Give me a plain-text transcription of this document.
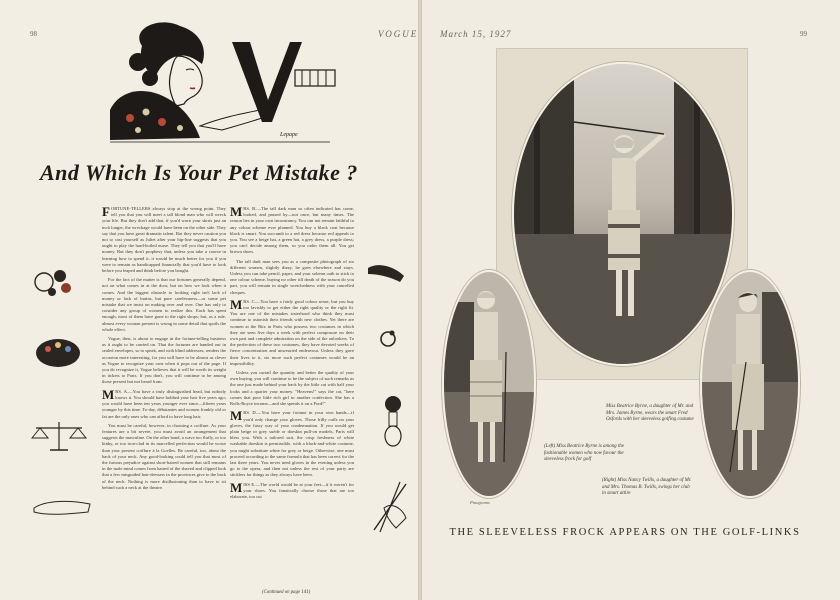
98
Lepape
And Which Is Your Pet Mistake ?

FORTUNE-TELLERS always stop at the wrong point. They tell you that you will meet a tall blond man who will wreck your life. But they don't add that, if you'd worn your skirts just an inch longer, the wreckage would have been on the other side. They say that you have great dramatic talent. But they never caution you not to cast yourself as Juliet after your hip-line suggests that you ought to play the hard-boiled nurse. They tell you that you'll have money. But they don't prophesy that, unless you take a course in learning how to spend it, it would be much better for you if you were to remain as handicapped financially that you'd have to look before you leaped and think before you bought.

For the fact of the matter is that our fortunes generally depend, not on what comes in at the door, but on how we look when it comes. And the biggest obstacle to looking right isn't lack of money or lack of brains, but pure carelessness—or some pet mistake that we insist on making over and over. One has only to consider any group of women to realize this. Each has spent enough; most of them have gone to the right shops; but, as a rule, almost every woman present is wrong in some detail that spoils the whole effect.

Vogue, then, is about to engage in the fortune-telling business as it ought to be carried on. That the fortunes are handed out in sealed envelopes, so to speak, and with blind addresses, renders the occasion more interesting, for you will have to be almost as clever as Vogue to recognize your own when it pops out of the page. If you do recognize it, Vogue believes that it will be worth its weight in tickets to Paris. If you don't, you will continue to be among those present but not heard from.

MRS. A.—You have a truly distinguished head, but nobody knows it. You should have bobbed your hair five years ago; you would have been ten years younger ever since—fifteen years younger by this time. To-day, débutantes and women frankly old or fat are the only ones who can afford to have long hair.

You must be careful, however, in choosing a coiffure. As your features are a bit severe, you must avoid an arrangement that suggests the masculine. On the other hand, a wave too fluffy, or too kinky, or too iron-clad in its marcelled perfection would be worse than your present coiffure à la Goelles. Be careful, too, about the back of your neck. Any good-looking could tell you that most of the furious prejudice against short-haired women that still remains in the male mind comes from hatred of the shaved and clipped look that a few misguided hair-dressers in the provinces give to the back of the neck. Nothing is more disillusioning than to have to sit behind such a neck at the theatre.

MRS. B.—The tall dark man so often indicated has come, looked, and passed by—not once, but many times. The reason lies in your own inconstancy. You can not remain faithful to any colour scheme ever planned. You buy a black coat because black is smart. You succumb to a red dress because red appeals to you. You see a beige hat, a green hat, a grey dress, a purple dress; you can't decide among them, so you order them all. You get brown shoes.

The tall dark man sees you as a composite photograph of six different women, slightly dizzy, he goes elsewhere and stays. Unless you can take pencil, paper, and your solemn oath to stick to one colour scheme, buying no other till death of the season do you part, you will remain in single wretchedness with your cancelled cheques.

MRS. C.—You have a fairly good colour sense, but you buy too lavishly to get either the right quality or the right fit. You are one of the mistakes sisterhood who think they must continue to astonish their friends with new clothes. Yet there are women at the Ritz in Paris who possess two costumes in which they are seen five days a week with perfect composure on their own part and complete admiration on the side of the onlookers. To the perfection of these two costumes, they have devoted weeks of fierce concentration and unwearied endeavour. Unless they gave their lives to it, six more such perfect costumes would be an impossibility.

Unless you curtail the quantity and better the quality of your own buying, you will continue to be the subject of such remarks as the one just made behind your back by the little cat with half your looks and a quarter your money. "Heavens!" says the cat, "here comes that poor little rich girl in another confection. She has a Rolls-Royce income—and she spends it on a Ford!"

MRS. D.—You have your fortune in your own hands—if you'd only change your gloves. Those frilly cuffs on your gloves, the fussy way of your condemnation. If you would get plain beige or grey suède or doeskin pull-on models, Paris will bless you. With a tailored suit, the crisp freshness of white washable doeskin is permissible, with a black-and-white costume, you might substitute white for grey or beige. Otherwise, one must proceed according to the same formula that has been correct for the last three years. You never need gloves in the evening unless you go to the opera, and then not unless the rest of your party are sticklers for things as they always have been.

MISS E.—The world would be at your feet—if it weren't for your shoes. You fanatically choose those that are too elaborate, too cut

(Continued on page 141)
VOGUE March 15, 1927	99
Miss Beatrice Byrne, a daughter of Mr. and Mrs. James Byrne, wears the smart Fred Oxfords with her sleeveless golfing costume
(Left) Miss Beatrice Byrne is among the fashionable women who now favour the sleeveless frock for golf
(Right) Miss Nancy Twills, a daughter of Mr. and Mrs. Thomas B. Twills, swings her club in smart attire
Pinugrams
THE SLEEVELESS FROCK APPEARS ON THE GOLF-LINKS
